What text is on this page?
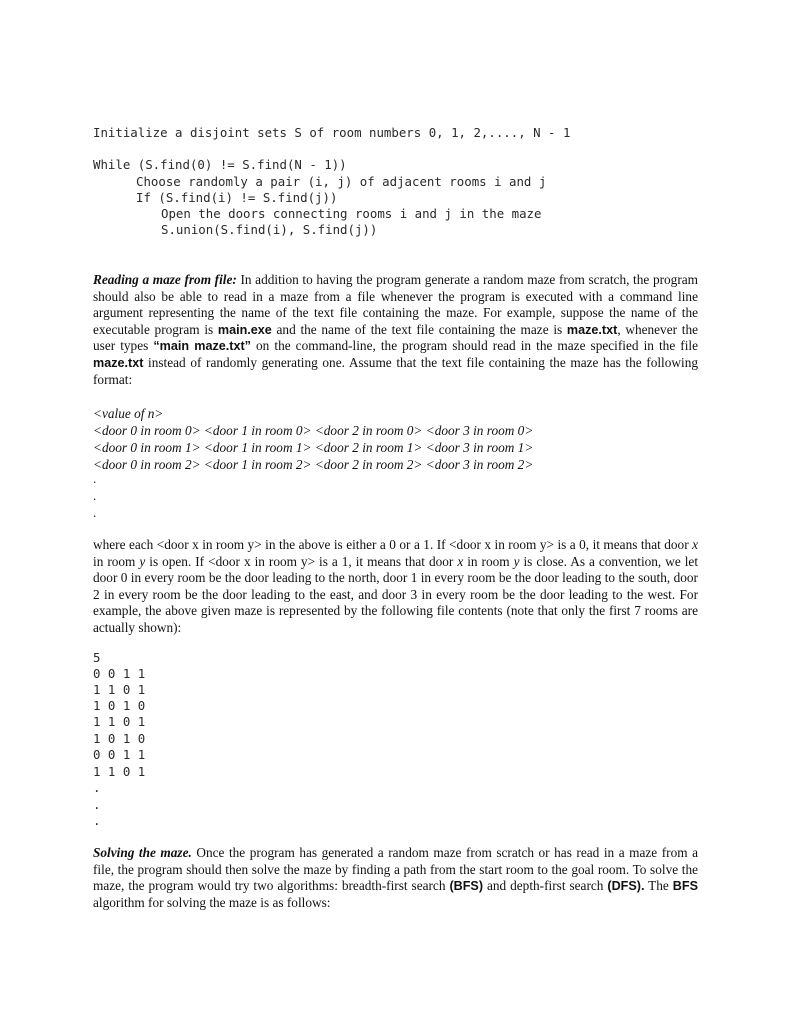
Initialize a disjoint sets S of room numbers 0, 1, 2,...., N - 1

While (S.find(0) != S.find(N - 1))

Choose randomly a pair (i, j) of adjacent rooms i and j

If (S.find(i) != S.find(j))

Open the doors connecting rooms i and j in the maze

S.union(S.find(i), S.find(j))

Reading a maze from file: In addition to having the program generate a random maze from scratch, the program should also be able to read in a maze from a file whenever the program is executed with a command line argument representing the name of the text file containing the maze. For example, suppose the name of the executable program is main.exe and the name of the text file containing the maze is maze.txt, whenever the user types “main maze.txt” on the command-line, the program should read in the maze specified in the file maze.txt instead of randomly generating one. Assume that the text file containing the maze has the following format:

<value of n>

<door 0 in room 0> <door 1 in room 0> <door 2 in room 0> <door 3 in room 0>

<door 0 in room 1> <door 1 in room 1> <door 2 in room 1> <door 3 in room 1>

<door 0 in room 2> <door 1 in room 2> <door 2 in room 2> <door 3 in room 2>

.

.

.

where each <door x in room y> in the above is either a 0 or a 1. If <door x in room y> is a 0, it means that door x in room y is open. If <door x in room y> is a 1, it means that door x in room y is close. As a convention, we let door 0 in every room be the door leading to the north, door 1 in every room be the door leading to the south, door 2 in every room be the door leading to the east, and door 3 in every room be the door leading to the west. For example, the above given maze is represented by the following file contents (note that only the first 7 rooms are actually shown):

5

0 0 1 1

1 1 0 1

1 0 1 0

1 1 0 1

1 0 1 0

0 0 1 1

1 1 0 1

.

.

.

Solving the maze. Once the program has generated a random maze from scratch or has read in a maze from a file, the program should then solve the maze by finding a path from the start room to the goal room. To solve the maze, the program would try two algorithms: breadth-first search (BFS) and depth-first search (DFS). The BFS algorithm for solving the maze is as follows:
